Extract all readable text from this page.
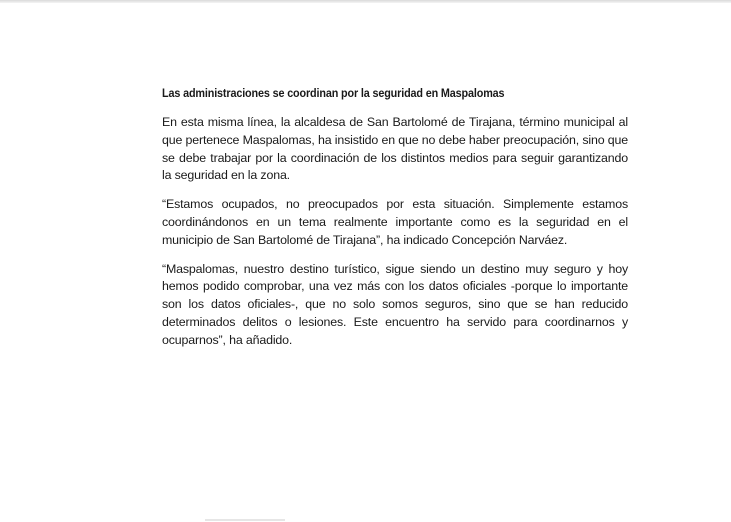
Las administraciones se coordinan por la seguridad en Maspalomas

En esta misma línea, la alcaldesa de San Bartolomé de Tirajana, término municipal al que pertenece Maspalomas, ha insistido en que no debe haber preocupación, sino que se debe trabajar por la coordinación de los distintos medios para seguir garantizando la seguridad en la zona.

“Estamos ocupados, no preocupados por esta situación. Simplemente estamos coordinándonos en un tema realmente importante como es la seguridad en el municipio de San Bartolomé de Tirajana”, ha indicado Concepción Narváez.

“Maspalomas, nuestro destino turístico, sigue siendo un destino muy seguro y hoy hemos podido comprobar, una vez más con los datos oficiales -porque lo importante son los datos oficiales-, que no solo somos seguros, sino que se han reducido determinados delitos o lesiones. Este encuentro ha servido para coordinarnos y ocuparnos”, ha añadido.
